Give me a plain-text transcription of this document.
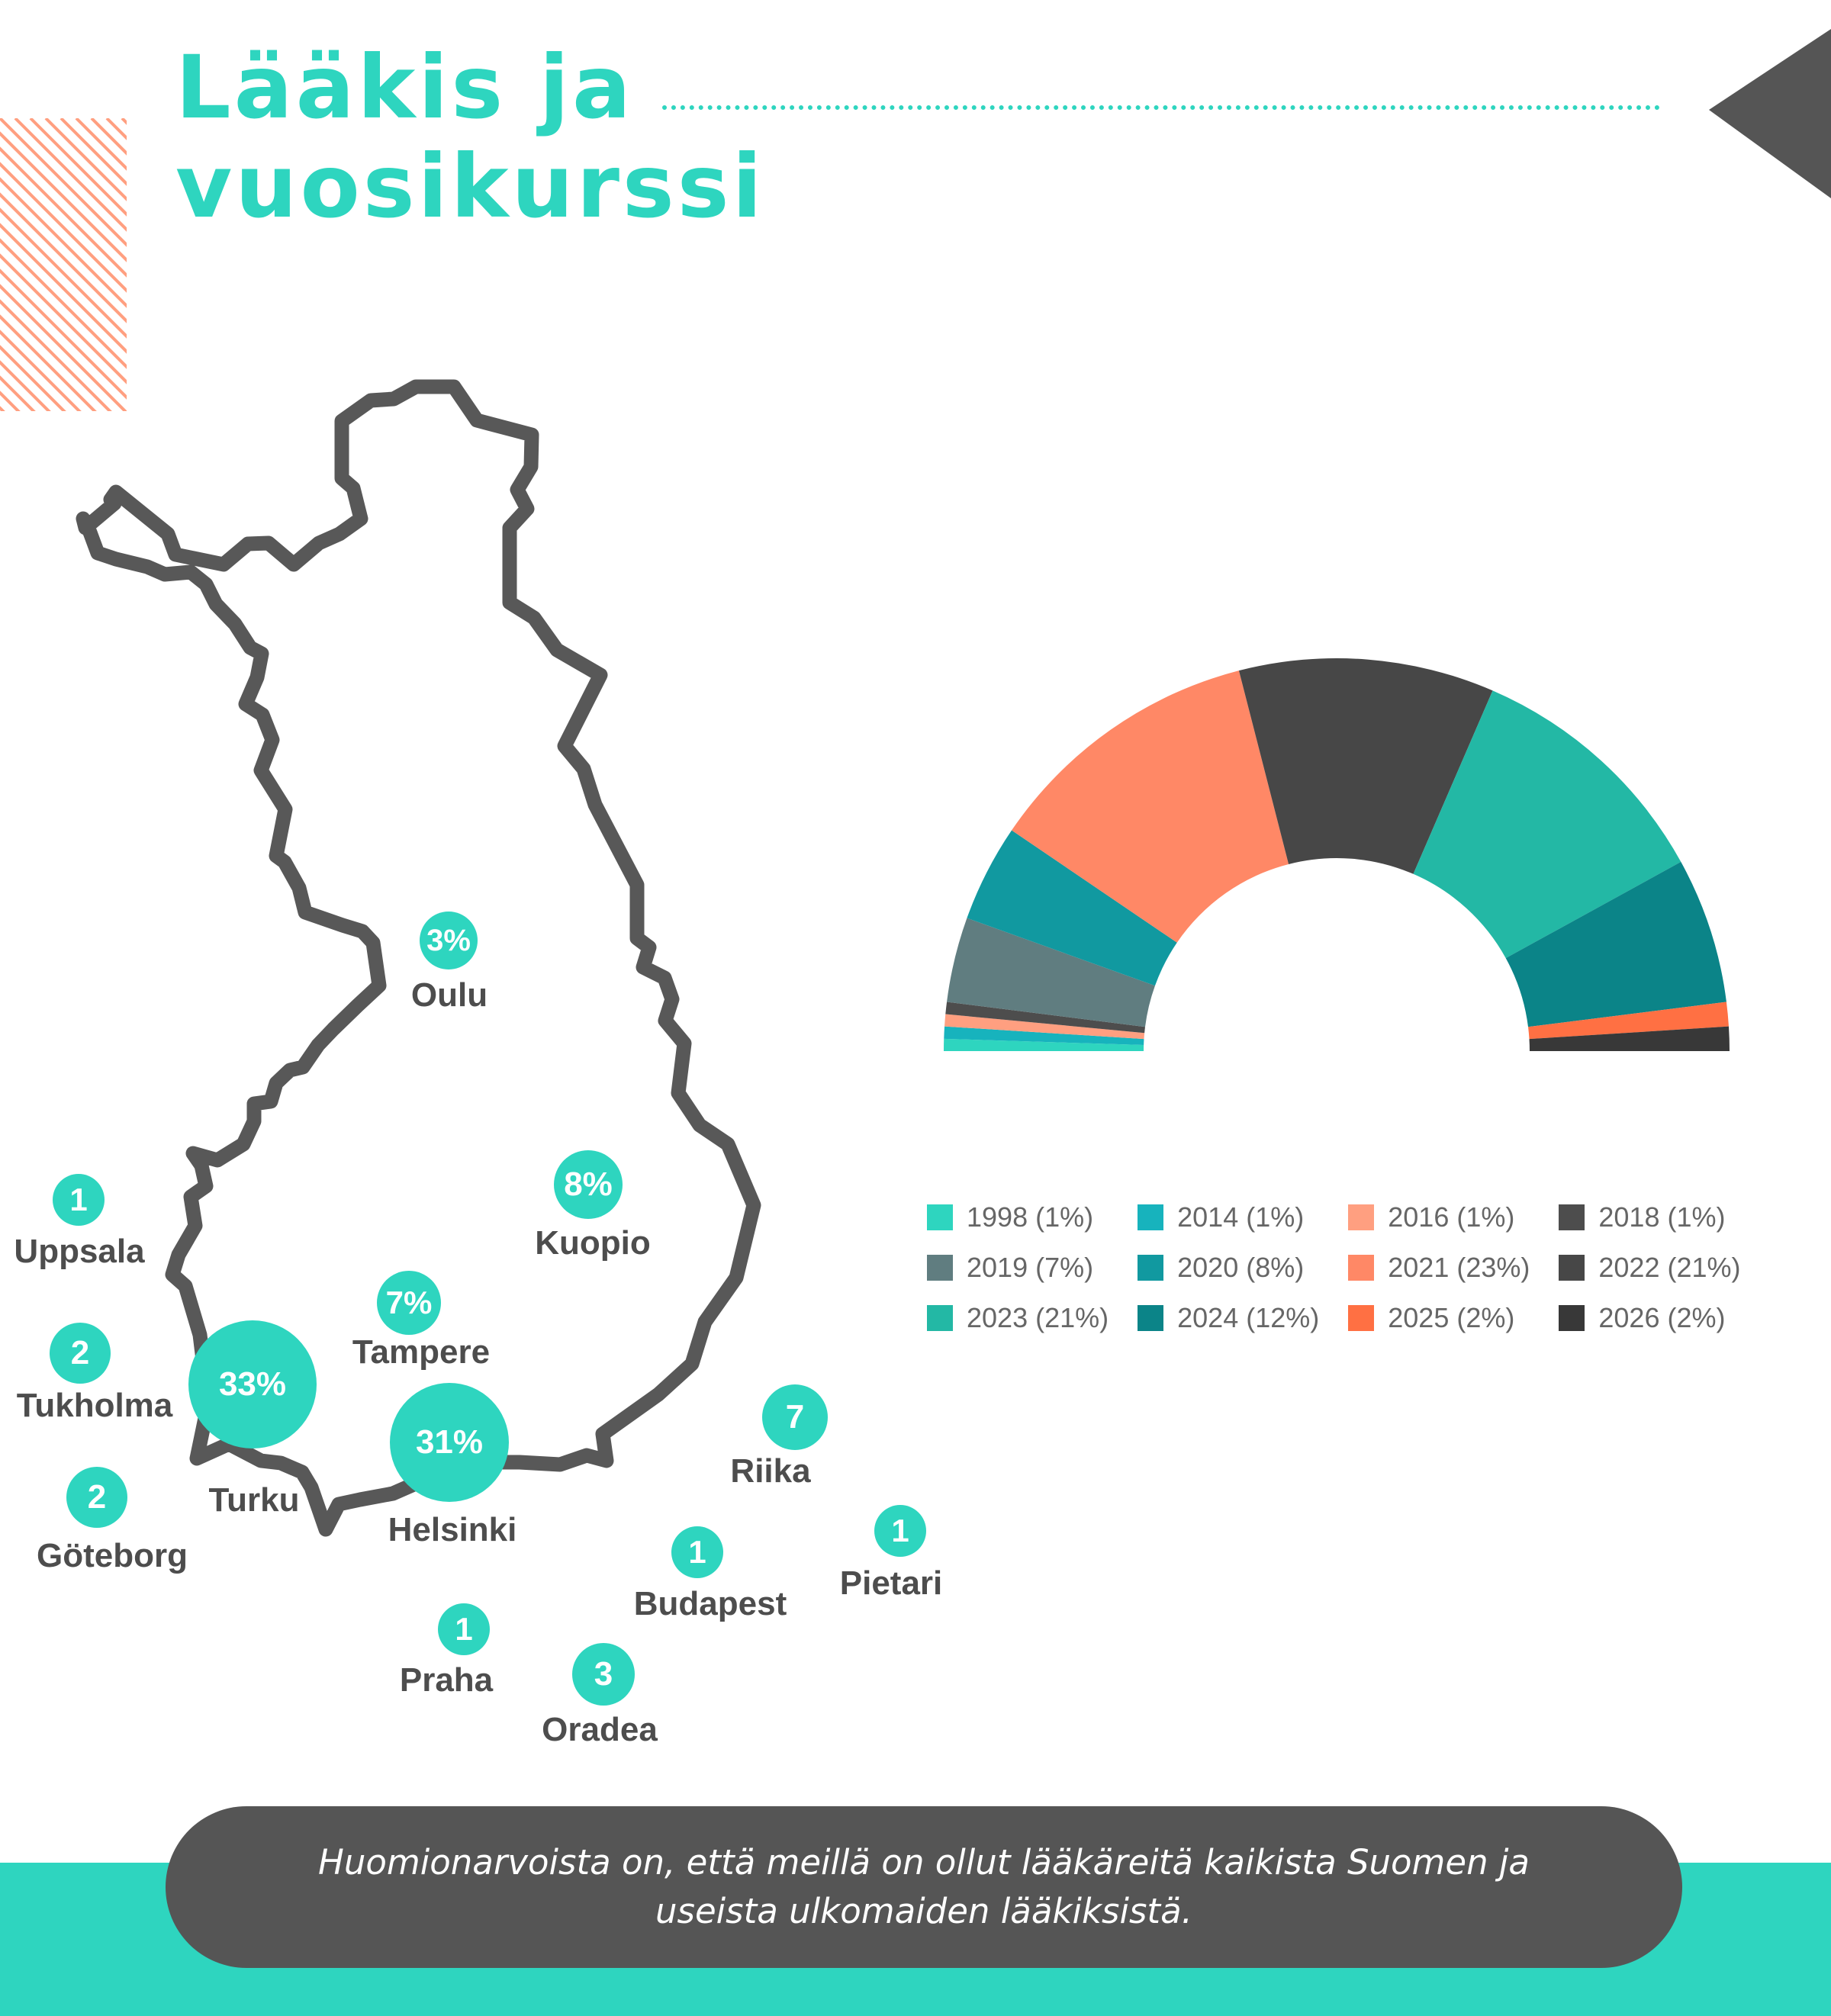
Lääkis ja
vuosikurssi
3%
Oulu
8%
Kuopio
7%
Tampere
33%
Turku
31%
Helsinki
1
Uppsala
2
Tukholma
2
Göteborg
7
Riika
1
Pietari
1
Budapest
1
Praha	3
Oradea
1998 (1%)	2014 (1%)	2016 (1%)	2018 (1%)
2019 (7%)	2020 (8%)	2021 (23%)	2022 (21%)
2023 (21%)	2024 (12%)	2025 (2%)	2026 (2%)

Huomionarvoista on, että meillä on ollut lääkäreitä kaikista Suomen ja
useista ulkomaiden lääkiksistä.
